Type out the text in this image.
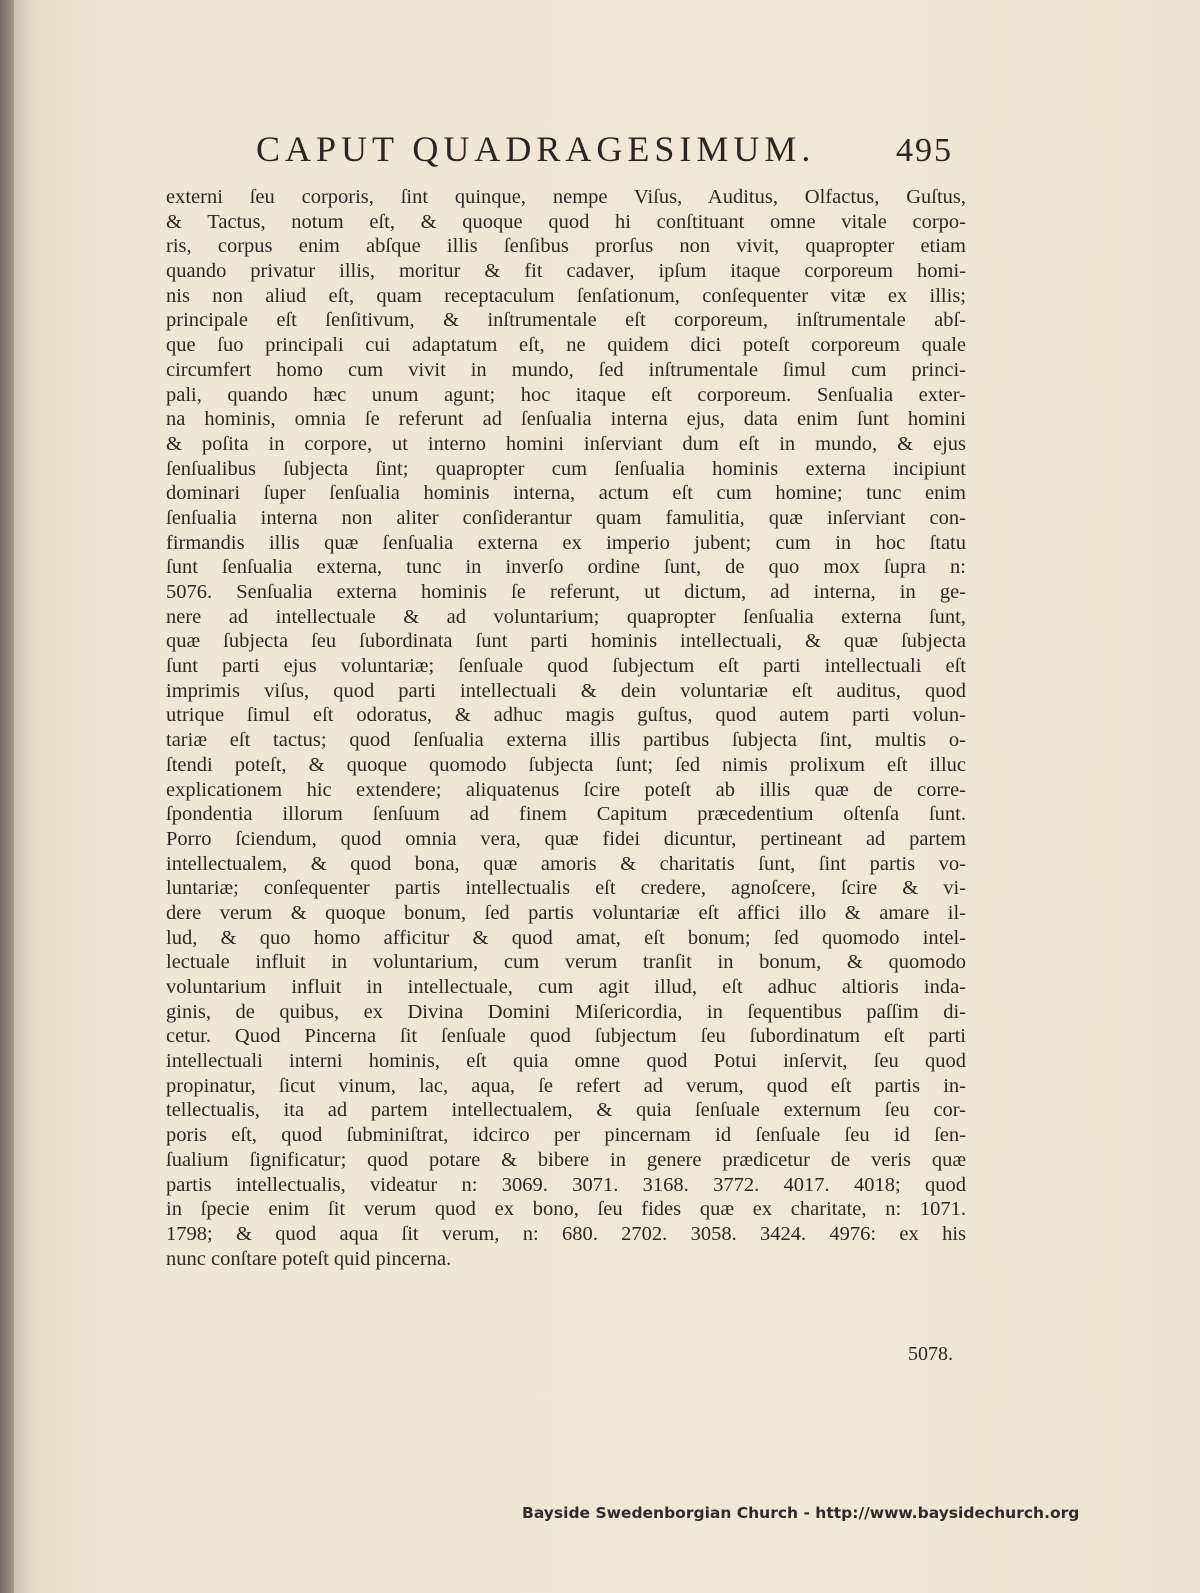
CAPUT QUADRAGESIMUM. 495
externi ſeu corporis, ſint quinque, nempe Viſus, Auditus, Olfactus, Guſtus,
& Tactus, notum eſt, & quoque quod hi conſtituant omne vitale corpo-
ris, corpus enim abſque illis ſenſibus prorſus non vivit, quapropter etiam
quando privatur illis, moritur & fit cadaver, ipſum itaque corporeum homi-
nis non aliud eſt, quam receptaculum ſenſationum, conſequenter vitæ ex illis;
principale eſt ſenſitivum, & inſtrumentale eſt corporeum, inſtrumentale abſ-
que ſuo principali cui adaptatum eſt, ne quidem dici poteſt corporeum quale
circumfert homo cum vivit in mundo, ſed inſtrumentale ſimul cum princi-
pali, quando hæc unum agunt; hoc itaque eſt corporeum. Senſualia exter-
na hominis, omnia ſe referunt ad ſenſualia interna ejus, data enim ſunt homini
& poſita in corpore, ut interno homini inſerviant dum eſt in mundo, & ejus
ſenſualibus ſubjecta ſint; quapropter cum ſenſualia hominis externa incipiunt
dominari ſuper ſenſualia hominis interna, actum eſt cum homine; tunc enim
ſenſualia interna non aliter conſiderantur quam famulitia, quæ inſerviant con-
firmandis illis quæ ſenſualia externa ex imperio jubent; cum in hoc ſtatu
ſunt ſenſualia externa, tunc in inverſo ordine ſunt, de quo mox ſupra n:
5076. Senſualia externa hominis ſe referunt, ut dictum, ad interna, in ge-
nere ad intellectuale & ad voluntarium; quapropter ſenſualia externa ſunt,
quæ ſubjecta ſeu ſubordinata ſunt parti hominis intellectuali, & quæ ſubjecta
ſunt parti ejus voluntariæ; ſenſuale quod ſubjectum eſt parti intellectuali eſt
imprimis viſus, quod parti intellectuali & dein voluntariæ eſt auditus, quod
utrique ſimul eſt odoratus, & adhuc magis guſtus, quod autem parti volun-
tariæ eſt tactus; quod ſenſualia externa illis partibus ſubjecta ſint, multis o-
ſtendi poteſt, & quoque quomodo ſubjecta ſunt; ſed nimis prolixum eſt illuc
explicationem hic extendere; aliquatenus ſcire poteſt ab illis quæ de corre-
ſpondentia illorum ſenſuum ad finem Capitum præcedentium oſtenſa ſunt.
Porro ſciendum, quod omnia vera, quæ fidei dicuntur, pertineant ad partem
intellectualem, & quod bona, quæ amoris & charitatis ſunt, ſint partis vo-
luntariæ; conſequenter partis intellectualis eſt credere, agnoſcere, ſcire & vi-
dere verum & quoque bonum, ſed partis voluntariæ eſt affici illo & amare il-
lud, & quo homo afficitur & quod amat, eſt bonum; ſed quomodo intel-
lectuale influit in voluntarium, cum verum tranſit in bonum, & quomodo
voluntarium influit in intellectuale, cum agit illud, eſt adhuc altioris inda-
ginis, de quibus, ex Divina Domini Miſericordia, in ſequentibus paſſim di-
cetur. Quod Pincerna ſit ſenſuale quod ſubjectum ſeu ſubordinatum eſt parti
intellectuali interni hominis, eſt quia omne quod Potui inſervit, ſeu quod
propinatur, ſicut vinum, lac, aqua, ſe refert ad verum, quod eſt partis in-
tellectualis, ita ad partem intellectualem, & quia ſenſuale externum ſeu cor-
poris eſt, quod ſubminiſtrat, idcirco per pincernam id ſenſuale ſeu id ſen-
ſualium ſignificatur; quod potare & bibere in genere prædicetur de veris quæ
partis intellectualis, videatur n: 3069. 3071. 3168. 3772. 4017. 4018; quod
in ſpecie enim ſit verum quod ex bono, ſeu fides quæ ex charitate, n: 1071.
1798; & quod aqua ſit verum, n: 680. 2702. 3058. 3424. 4976: ex his
nunc conſtare poteſt quid pincerna.
5078.
Bayside Swedenborgian Church - http://www.baysidechurch.org
